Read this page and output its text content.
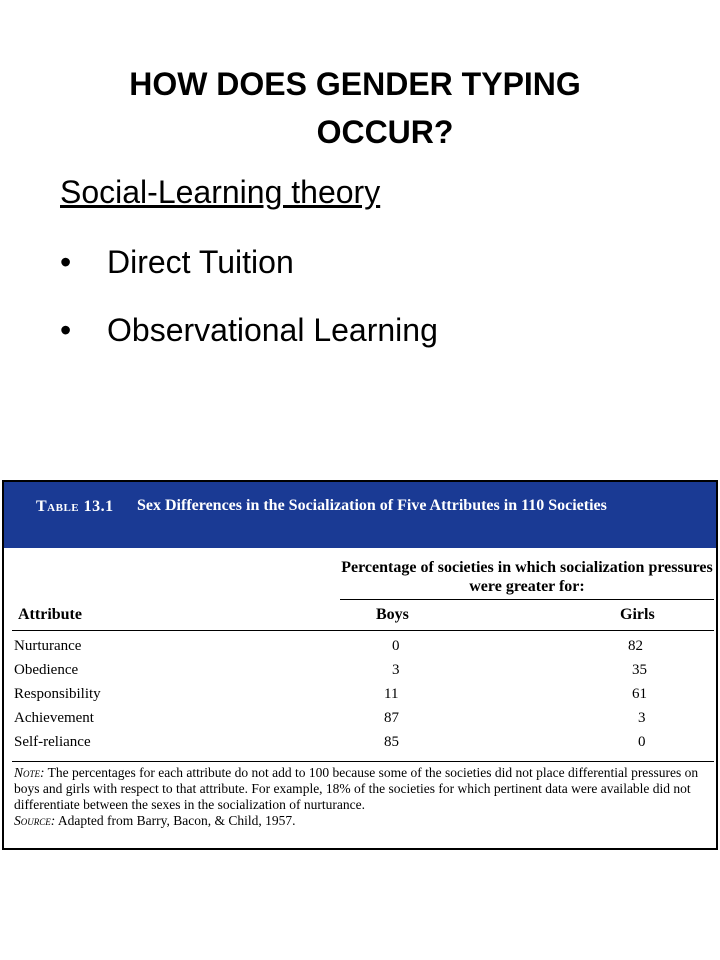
HOW DOES GENDER TYPING
OCCUR?
Social-Learning theory
• Direct Tuition
• Observational Learning
Table 13.1 Sex Differences in the Socialization of Five Attributes in 110 Societies
Percentage of societies in which socialization pressures were greater for:
Attribute	Boys	Girls
Nurturance	0	82
Obedience	3	35
Responsibility	11	61
Achievement	87	3
Self-reliance	85	0
Note: The percentages for each attribute do not add to 100 because some of the societies did not place differential pressures on boys and girls with respect to that attribute. For example, 18% of the societies for which pertinent data were available did not differentiate between the sexes in the socialization of nurturance.
Source: Adapted from Barry, Bacon, & Child, 1957.
